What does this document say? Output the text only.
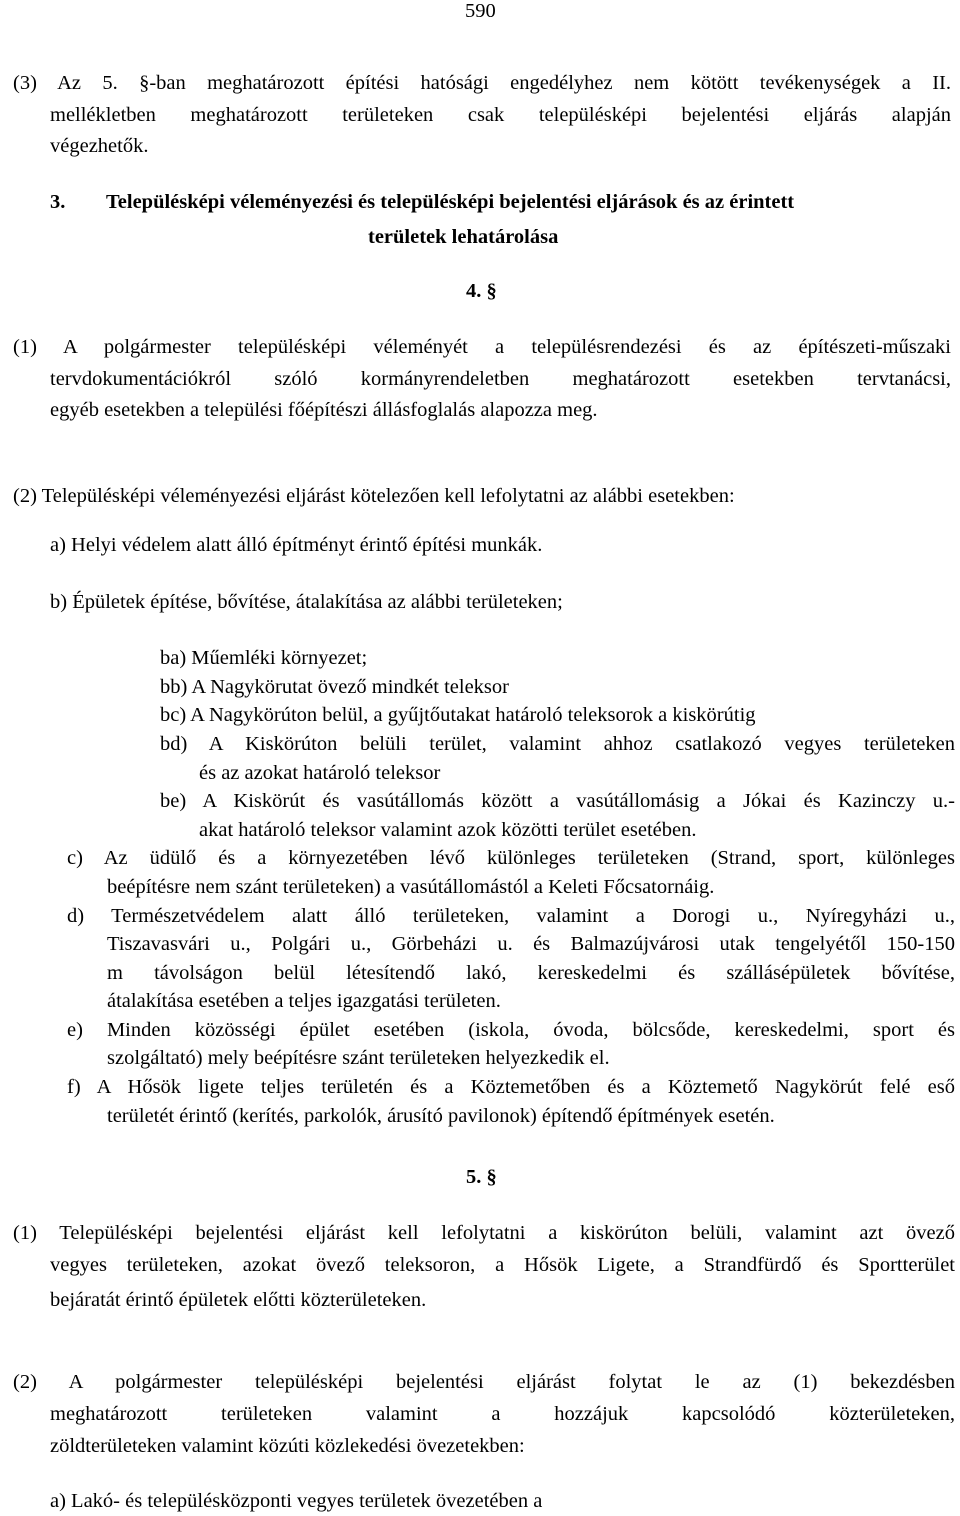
590
(3) Az 5. §-ban meghatározott építési hatósági engedélyhez nem kötött tevékenységek a II.
mellékletben meghatározott területeken csak településképi bejelentési eljárás alapján
végezhetők.
3. Településképi véleményezési és településképi bejelentési eljárások és az érintett
területek lehatárolása
4. §
(1) A polgármester településképi véleményét a településrendezési és az építészeti-műszaki
tervdokumentációkról szóló kormányrendeletben meghatározott esetekben tervtanácsi,
egyéb esetekben a települési főépítészi állásfoglalás alapozza meg.
(2) Településképi véleményezési eljárást kötelezően kell lefolytatni az alábbi esetekben:
a) Helyi védelem alatt álló építményt érintő építési munkák.
b) Épületek építése, bővítése, átalakítása az alábbi területeken;
ba) Műemléki környezet;
bb) A Nagykörutat övező mindkét teleksor
bc) A Nagykörúton belül, a gyűjtőutakat határoló teleksorok a kiskörútig
bd) A Kiskörúton belüli terület, valamint ahhoz csatlakozó vegyes területeken
és az azokat határoló teleksor
be) A Kiskörút és vasútállomás között a vasútállomásig a Jókai és Kazinczy u.-
akat határoló teleksor valamint azok közötti terület esetében.
c) Az üdülő és a környezetében lévő különleges területeken (Strand, sport, különleges
beépítésre nem szánt területeken) a vasútállomástól a Keleti Főcsatornáig.
d) Természetvédelem alatt álló területeken, valamint a Dorogi u., Nyíregyházi u.,
Tiszavasvári u., Polgári u., Görbeházi u. és Balmazújvárosi utak tengelyétől 150-150
m távolságon belül létesítendő lakó, kereskedelmi és szállásépületek bővítése,
átalakítása esetében a teljes igazgatási területen.
e) Minden közösségi épület esetében (iskola, óvoda, bölcsőde, kereskedelmi, sport és
szolgáltató) mely beépítésre szánt területeken helyezkedik el.
f) A Hősök ligete teljes területén és a Köztemetőben és a Köztemető Nagykörút felé eső
területét érintő (kerítés, parkolók, árusító pavilonok) építendő építmények esetén.
5. §
(1) Településképi bejelentési eljárást kell lefolytatni a kiskörúton belüli, valamint azt övező
vegyes területeken, azokat övező teleksoron, a Hősök Ligete, a Strandfürdő és Sportterület
bejáratát érintő épületek előtti közterületeken.
(2) A polgármester településképi bejelentési eljárást folytat le az (1) bekezdésben
meghatározott területeken valamint a hozzájuk kapcsolódó közterületeken,
zöldterületeken valamint közúti közlekedési övezetekben:
a) Lakó- és településközponti vegyes területek övezetében a
